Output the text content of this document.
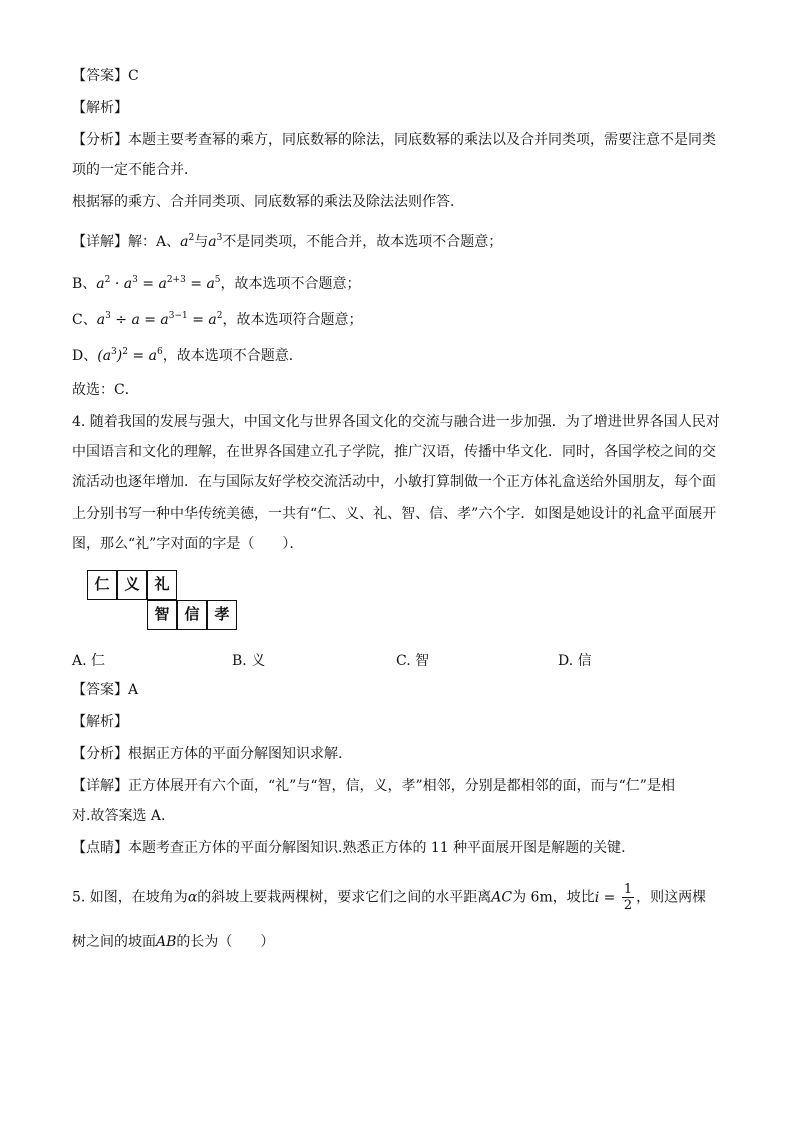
【答案】C
【解析】
【分析】本题主要考查幂的乘方，同底数幂的除法，同底数幂的乘法以及合并同类项，需要注意不是同类
项的一定不能合并．
根据幂的乘方、合并同类项、同底数幂的乘法及除法法则作答．
【详解】解：A、$a^2$与$a^3$不是同类项，不能合并，故本选项不合题意；
B、$a^2 \cdot a^3 = a^{2+3} = a^5$，故本选项不合题意；
C、$a^3 \div a = a^{3-1} = a^2$，故本选项符合题意；
D、$(a^3)^2 = a^6$，故本选项不合题意．
故选：C．
4. 随着我国的发展与强大，中国文化与世界各国文化的交流与融合进一步加强．为了增进世界各国人民对
中国语言和文化的理解，在世界各国建立孔子学院，推广汉语，传播中华文化．同时，各国学校之间的交
流活动也逐年增加．在与国际友好学校交流活动中，小敏打算制做一个正方体礼盒送给外国朋友，每个面
上分别书写一种中华传统美德，一共有“仁、义、礼、智、信、孝”六个字．如图是她设计的礼盒平面展开
图，那么“礼”字对面的字是（　　）．
仁 义 礼
智 信 孝
A. 仁	B. 义	C. 智	D. 信
【答案】A
【解析】
【分析】根据正方体的平面分解图知识求解.
【详解】正方体展开有六个面，“礼”与“智，信，义，孝”相邻，分别是都相邻的面，而与“仁”是相
对.故答案选 A.
【点睛】本题考查正方体的平面分解图知识.熟悉正方体的 11 种平面展开图是解题的关键.
5. 如图，在坡角为α的斜坡上要栽两棵树，要求它们之间的水平距离AC为 6m，坡比$i = \frac{1}{2}$ ，则这两棵
树之间的坡面AB的长为（　　）
